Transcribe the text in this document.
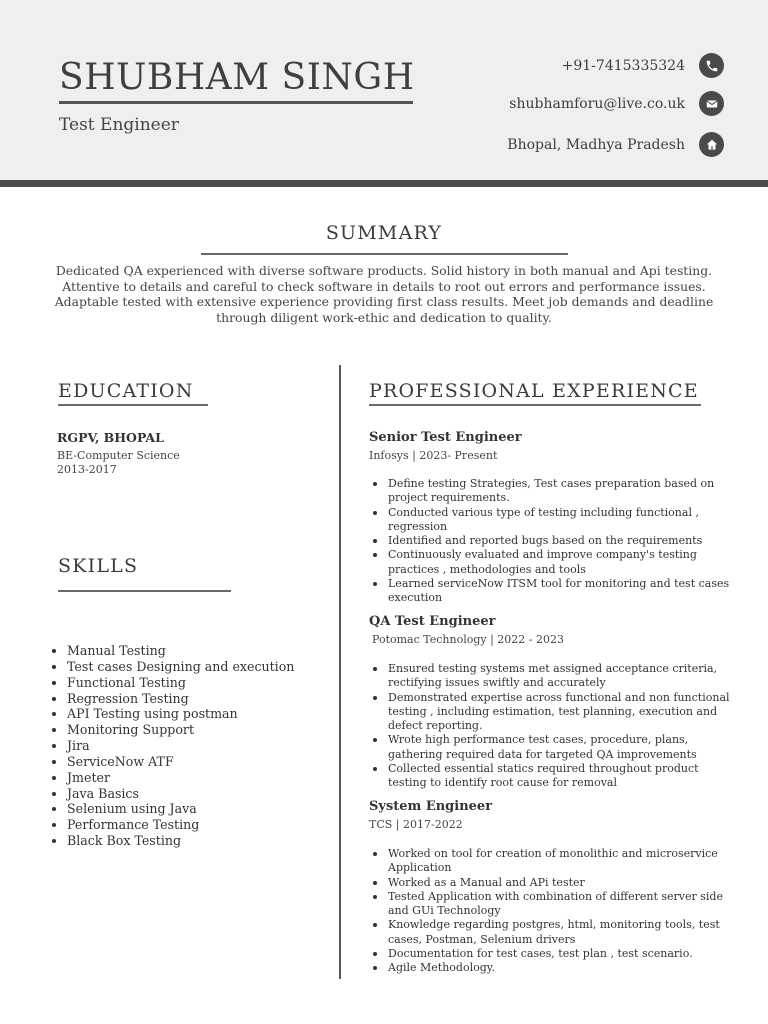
SHUBHAM SINGH
Test Engineer
+91-7415335324
shubhamforu@live.co.uk
Bhopal, Madhya Pradesh
SUMMARY
Dedicated QA experienced with diverse software products. Solid history in both manual and Api testing. Attentive to details and careful to check software in details to root out errors and performance issues. Adaptable tested with extensive experience providing first class results. Meet job demands and deadline through diligent work-ethic and dedication to quality.
EDUCATION
RGPV, BHOPAL
BE-Computer Science
2013-2017
SKILLS
Manual Testing
Test cases Designing and execution
Functional Testing
Regression Testing
API Testing using postman
Monitoring Support
Jira
ServiceNow ATF
Jmeter
Java Basics
Selenium using Java
Performance Testing
Black Box Testing
PROFESSIONAL EXPERIENCE
Senior Test Engineer
Infosys | 2023- Present
Define testing Strategies, Test cases preparation based on project requirements.
Conducted various type of testing including functional , regression
Identified and reported bugs based on the requirements
Continuously evaluated and improve company's testing practices , methodologies and tools
Learned serviceNow ITSM tool for monitoring and test cases execution
QA Test Engineer
Potomac Technology | 2022 - 2023
Ensured testing systems met assigned acceptance criteria, rectifying issues swiftly and accurately
Demonstrated expertise across functional and non functional testing , including estimation, test planning, execution and defect reporting.
Wrote high performance test cases, procedure, plans, gathering required data for targeted QA improvements
Collected essential statics required throughout product testing to identify root cause for removal
System Engineer
TCS | 2017-2022
Worked on tool for creation of monolithic and microservice Application
Worked as a Manual and APi tester
Tested Application with combination of different server side and GUi Technology
Knowledge regarding postgres, html, monitoring tools, test cases, Postman, Selenium drivers
Documentation for test cases, test plan , test scenario.
Agile Methodology.
